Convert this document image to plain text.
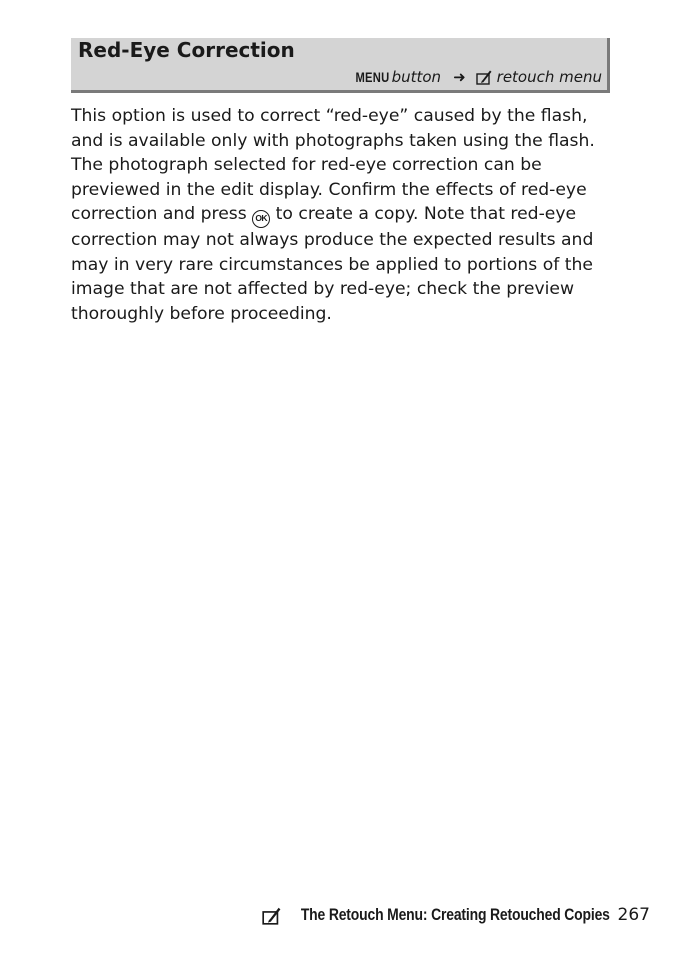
Red-Eye Correction
MENU button ➜ retouch menu
This option is used to correct “red-eye” caused by the flash, and is available only with photographs taken using the flash. The photograph selected for red-eye correction can be previewed in the edit display. Confirm the effects of red-eye correction and press OK to create a copy. Note that red-eye correction may not always produce the expected results and may in very rare circumstances be applied to portions of the image that are not affected by red-eye; check the preview thoroughly before proceeding.
The Retouch Menu: Creating Retouched Copies 267
